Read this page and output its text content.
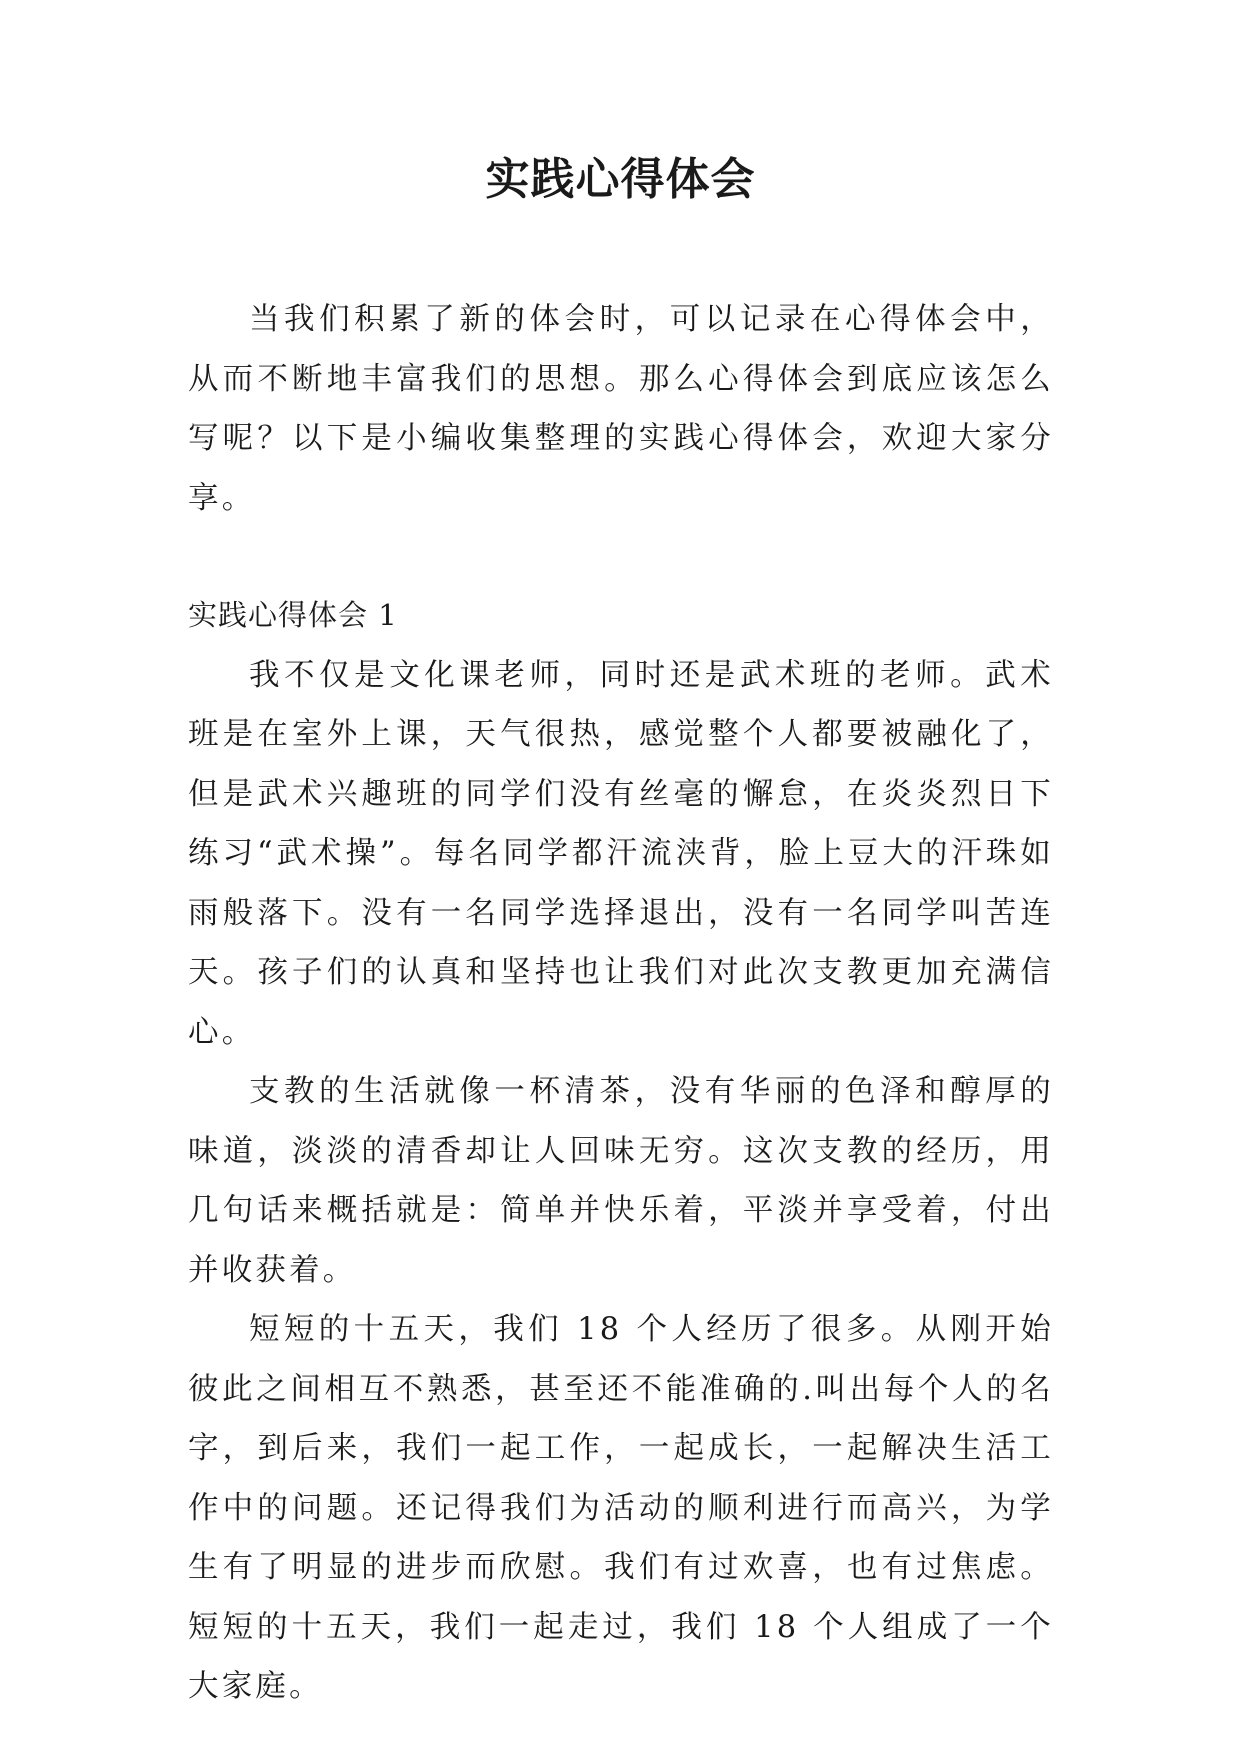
实践心得体会

当我们积累了新的体会时，可以记录在心得体会中，从而不断地丰富我们的思想。那么心得体会到底应该怎么写呢？以下是小编收集整理的实践心得体会，欢迎大家分享。

实践心得体会 1

我不仅是文化课老师，同时还是武术班的老师。武术班是在室外上课，天气很热，感觉整个人都要被融化了，但是武术兴趣班的同学们没有丝毫的懈怠，在炎炎烈日下练习“武术操”。每名同学都汗流浃背，脸上豆大的汗珠如雨般落下。没有一名同学选择退出，没有一名同学叫苦连天。孩子们的认真和坚持也让我们对此次支教更加充满信心。

支教的生活就像一杯清茶，没有华丽的色泽和醇厚的味道，淡淡的清香却让人回味无穷。这次支教的经历，用几句话来概括就是：简单并快乐着，平淡并享受着，付出并收获着。

短短的十五天，我们 18 个人经历了很多。从刚开始彼此之间相互不熟悉，甚至还不能准确的.叫出每个人的名字，到后来，我们一起工作，一起成长，一起解决生活工作中的问题。还记得我们为活动的顺利进行而高兴，为学生有了明显的进步而欣慰。我们有过欢喜，也有过焦虑。短短的十五天，我们一起走过，我们 18 个人组成了一个大家庭。
